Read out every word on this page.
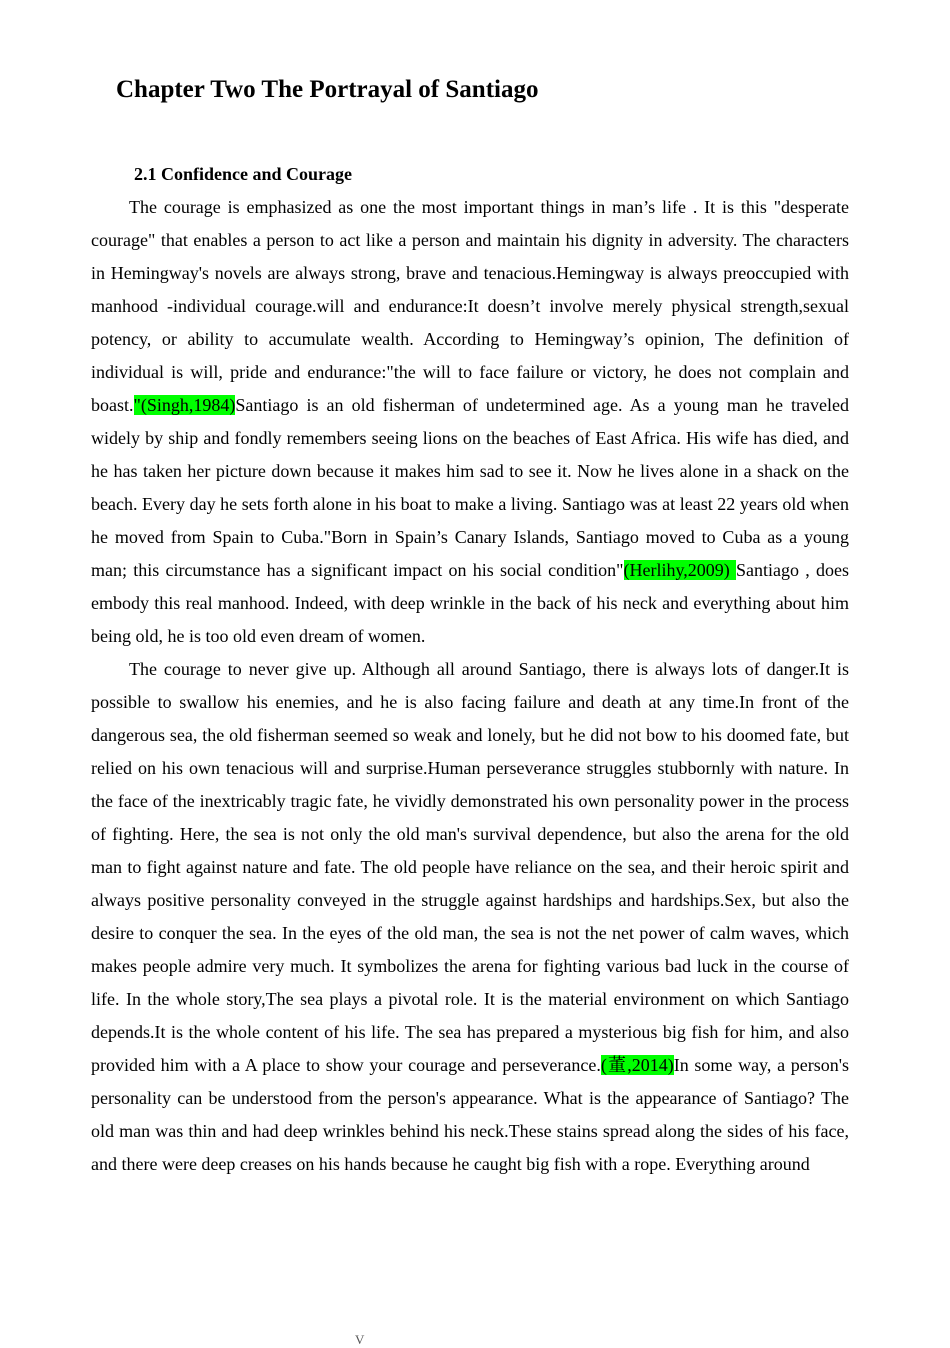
Chapter Two The Portrayal of Santiago
2.1 Confidence and Courage

The courage is emphasized as one the most important things in man’s life . It is this "desperate courage" that enables a person to act like a person and maintain his dignity in adversity. The characters in Hemingway's novels are always strong, brave and tenacious.Hemingway is always preoccupied with manhood -individual courage.will and endurance:It doesn’t involve merely physical strength,sexual potency, or ability to accumulate wealth. According to Hemingway’s opinion, The definition of individual is will, pride and endurance:"the will to face failure or victory, he does not complain and boast."(Singh,1984)Santiago is an old fisherman of undetermined age. As a young man he traveled widely by ship and fondly remembers seeing lions on the beaches of East Africa. His wife has died, and he has taken her picture down because it makes him sad to see it. Now he lives alone in a shack on the beach. Every day he sets forth alone in his boat to make a living. Santiago was at least 22 years old when he moved from Spain to Cuba."Born in Spain’s Canary Islands, Santiago moved to Cuba as a young man; this circumstance has a significant impact on his social condition"(Herlihy,2009) Santiago , does embody this real manhood. Indeed, with deep wrinkle in the back of his neck and everything about him being old, he is too old even dream of women.

The courage to never give up. Although all around Santiago, there is always lots of danger.It is possible to swallow his enemies, and he is also facing failure and death at any time.In front of the dangerous sea, the old fisherman seemed so weak and lonely, but he did not bow to his doomed fate, but relied on his own tenacious will and surprise.Human perseverance struggles stubbornly with nature. In the face of the inextricably tragic fate, he vividly demonstrated his own personality power in the process of fighting. Here, the sea is not only the old man's survival dependence, but also the arena for the old man to fight against nature and fate. The old people have reliance on the sea, and their heroic spirit and always positive personality conveyed in the struggle against hardships and hardships.Sex, but also the desire to conquer the sea. In the eyes of the old man, the sea is not the net power of calm waves, which makes people admire very much. It symbolizes the arena for fighting various bad luck in the course of life. In the whole story,The sea plays a pivotal role. It is the material environment on which Santiago depends.It is the whole content of his life. The sea has prepared a mysterious big fish for him, and also provided him with a A place to show your courage and perseverance.(董,2014)In some way, a person's personality can be understood from the person's appearance. What is the appearance of Santiago? The old man was thin and had deep wrinkles behind his neck.These stains spread along the sides of his face, and there were deep creases on his hands because he caught big fish with a rope. Everything around

V
